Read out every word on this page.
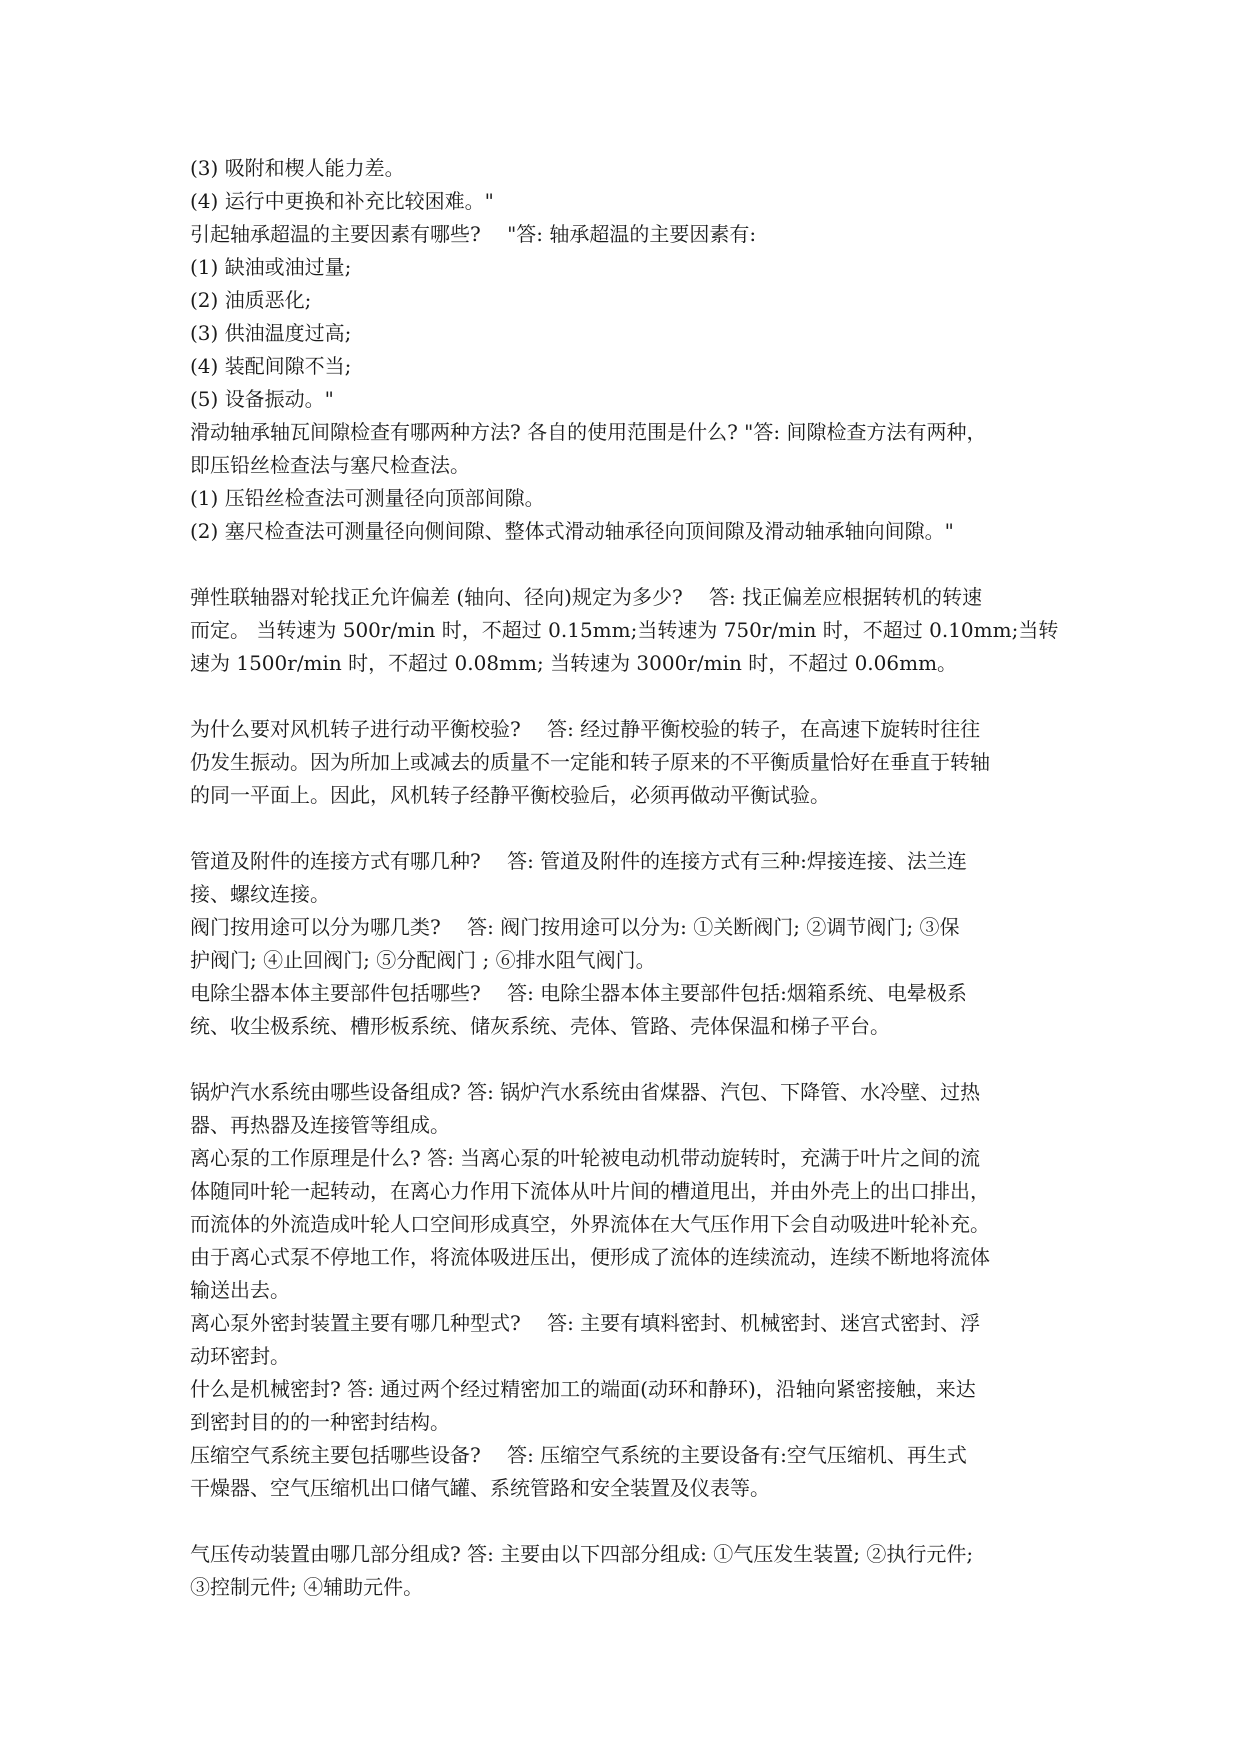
(3) 吸附和楔人能力差。
(4) 运行中更换和补充比较困难。"
引起轴承超温的主要因素有哪些?　 "答: 轴承超温的主要因素有:
(1) 缺油或油过量;
(2) 油质恶化;
(3) 供油温度过高;
(4) 装配间隙不当;
(5) 设备振动。"
滑动轴承轴瓦间隙检查有哪两种方法? 各自的使用范围是什么? "答: 间隙检查方法有两种，
即压铅丝检查法与塞尺检查法。
(1) 压铅丝检查法可测量径向顶部间隙。
(2) 塞尺检查法可测量径向侧间隙、整体式滑动轴承径向顶间隙及滑动轴承轴向间隙。"
弹性联轴器对轮找正允许偏差 (轴向、径向)规定为多少?　 答: 找正偏差应根据转机的转速
而定。 当转速为 500r/min 时，不超过 0.15mm;当转速为 750r/min 时，不超过 0.10mm;当转
速为 1500r/min 时，不超过 0.08mm; 当转速为 3000r/min 时，不超过 0.06mm。
为什么要对风机转子进行动平衡校验?　 答: 经过静平衡校验的转子，在高速下旋转时往往
仍发生振动。因为所加上或减去的质量不一定能和转子原来的不平衡质量恰好在垂直于转轴
的同一平面上。因此，风机转子经静平衡校验后，必须再做动平衡试验。
管道及附件的连接方式有哪几种?　 答: 管道及附件的连接方式有三种:焊接连接、法兰连
接、螺纹连接。
阀门按用途可以分为哪几类?　 答: 阀门按用途可以分为: ①关断阀门; ②调节阀门; ③保
护阀门; ④止回阀门; ⑤分配阀门 ; ⑥排水阻气阀门。
电除尘器本体主要部件包括哪些?　 答: 电除尘器本体主要部件包括:烟箱系统、电晕极系
统、收尘极系统、槽形板系统、储灰系统、壳体、管路、壳体保温和梯子平台。
锅炉汽水系统由哪些设备组成? 答: 锅炉汽水系统由省煤器、汽包、下降管、水冷壁、过热
器、再热器及连接管等组成。
离心泵的工作原理是什么? 答: 当离心泵的叶轮被电动机带动旋转时，充满于叶片之间的流
体随同叶轮一起转动，在离心力作用下流体从叶片间的槽道甩出，并由外壳上的出口排出，
而流体的外流造成叶轮人口空间形成真空，外界流体在大气压作用下会自动吸进叶轮补充。
由于离心式泵不停地工作，将流体吸进压出，便形成了流体的连续流动，连续不断地将流体
输送出去。
离心泵外密封装置主要有哪几种型式?　 答: 主要有填料密封、机械密封、迷宫式密封、浮
动环密封。
什么是机械密封? 答: 通过两个经过精密加工的端面(动环和静环)，沿轴向紧密接触，来达
到密封目的的一种密封结构。
压缩空气系统主要包括哪些设备?　 答: 压缩空气系统的主要设备有:空气压缩机、再生式
干燥器、空气压缩机出口储气罐、系统管路和安全装置及仪表等。
气压传动装置由哪几部分组成? 答: 主要由以下四部分组成: ①气压发生装置; ②执行元件;
③控制元件; ④辅助元件。
